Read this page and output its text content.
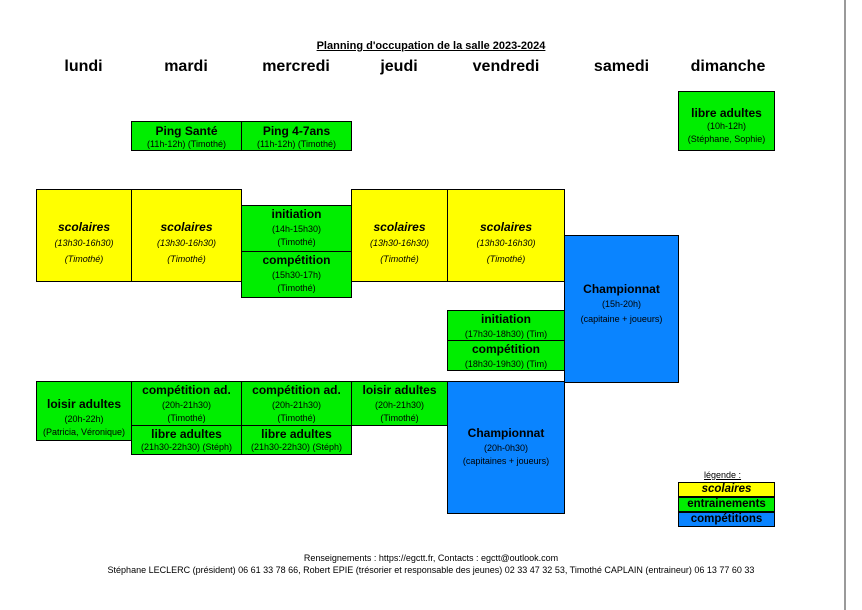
Planning d'occupation de la salle 2023-2024
lundi	mardi	mercredi	jeudi	vendredi	samedi	dimanche
Ping Santé
(11h-12h) (Timothé)
Ping 4-7ans
(11h-12h) (Timothé)
libre adultes
(10h-12h)
(Stéphane, Sophie)
scolaires
(13h30-16h30)
(Timothé)
scolaires
(13h30-16h30)
(Timothé)
initiation
(14h-15h30)
(Timothé)
compétition
(15h30-17h)
(Timothé)
scolaires
(13h30-16h30)
(Timothé)
scolaires
(13h30-16h30)
(Timothé)
Championnat
(15h-20h)
(capitaine + joueurs)
initiation
(17h30-18h30) (Tim)
compétition
(18h30-19h30) (Tim)
loisir adultes
(20h-22h)
(Patricia, Véronique)
compétition ad.
(20h-21h30)
(Timothé)
libre adultes
(21h30-22h30) (Stéph)
compétition ad.
(20h-21h30)
(Timothé)
libre adultes
(21h30-22h30) (Stéph)
loisir adultes
(20h-21h30)
(Timothé)
Championnat
(20h-0h30)
(capitaines + joueurs)
légende :
scolaires
entrainements
compétitions
Renseignements : https://egctt.fr, Contacts : egctt@outlook.com
Stéphane LECLERC (président) 06 61 33 78 66, Robert EPIE (trésorier et responsable des jeunes) 02 33 47 32 53, Timothé CAPLAIN (entraineur) 06 13 77 60 33
